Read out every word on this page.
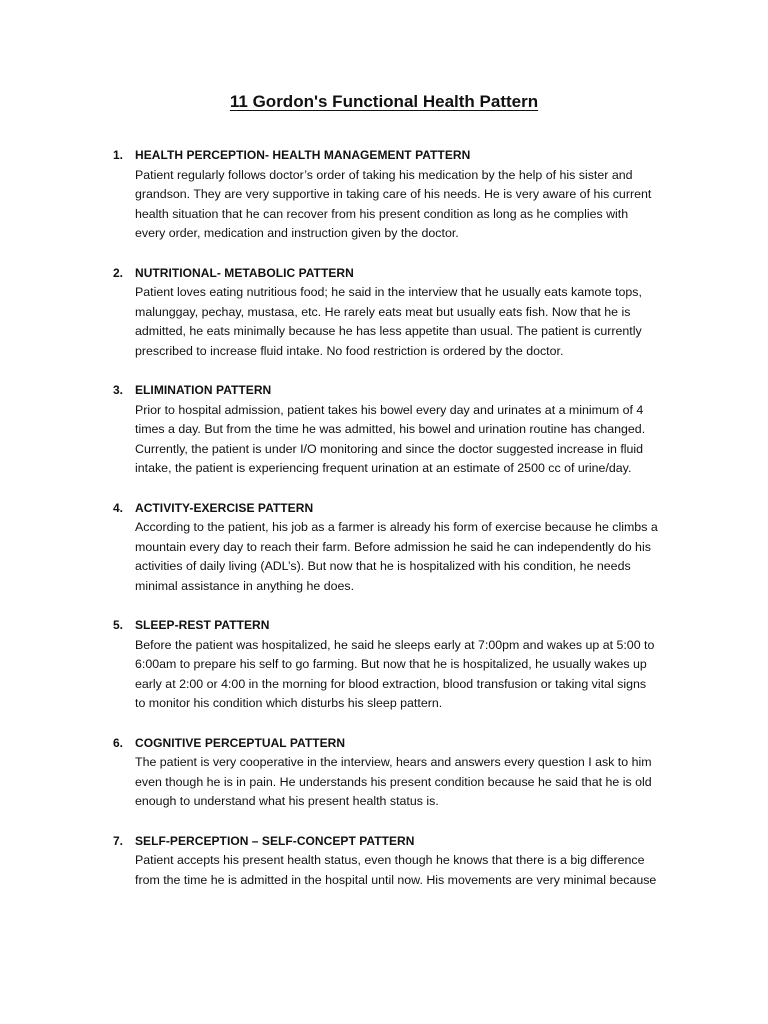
11 Gordon's Functional Health Pattern
1. HEALTH PERCEPTION- HEALTH MANAGEMENT PATTERN
Patient regularly follows doctor’s order of taking his medication by the help of his sister and
grandson. They are very supportive in taking care of his needs. He is very aware of his current
health situation that he can recover from his present condition as long as he complies with
every order, medication and instruction given by the doctor.
2. NUTRITIONAL- METABOLIC PATTERN
Patient loves eating nutritious food; he said in the interview that he usually eats kamote tops,
malunggay, pechay, mustasa, etc. He rarely eats meat but usually eats fish. Now that he is
admitted, he eats minimally because he has less appetite than usual. The patient is currently
prescribed to increase fluid intake. No food restriction is ordered by the doctor.
3. ELIMINATION PATTERN
Prior to hospital admission, patient takes his bowel every day and urinates at a minimum of 4
times a day. But from the time he was admitted, his bowel and urination routine has changed.
Currently, the patient is under I/O monitoring and since the doctor suggested increase in fluid
intake, the patient is experiencing frequent urination at an estimate of 2500 cc of urine/day.
4. ACTIVITY-EXERCISE PATTERN
According to the patient, his job as a farmer is already his form of exercise because he climbs a
mountain every day to reach their farm. Before admission he said he can independently do his
activities of daily living (ADL’s). But now that he is hospitalized with his condition, he needs
minimal assistance in anything he does.
5. SLEEP-REST PATTERN
Before the patient was hospitalized, he said he sleeps early at 7:00pm and wakes up at 5:00 to
6:00am to prepare his self to go farming. But now that he is hospitalized, he usually wakes up
early at 2:00 or 4:00 in the morning for blood extraction, blood transfusion or taking vital signs
to monitor his condition which disturbs his sleep pattern.
6. COGNITIVE PERCEPTUAL PATTERN
The patient is very cooperative in the interview, hears and answers every question I ask to him
even though he is in pain. He understands his present condition because he said that he is old
enough to understand what his present health status is.
7. SELF-PERCEPTION – SELF-CONCEPT PATTERN
Patient accepts his present health status, even though he knows that there is a big difference
from the time he is admitted in the hospital until now. His movements are very minimal because
